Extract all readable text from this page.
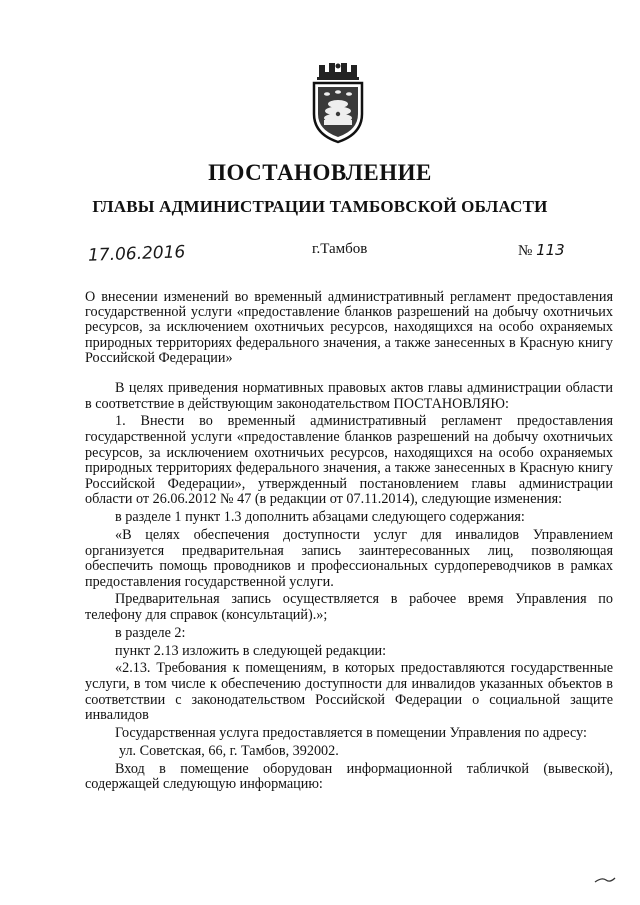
ПОСТАНОВЛЕНИЕ
ГЛАВЫ АДМИНИСТРАЦИИ ТАМБОВСКОЙ ОБЛАСТИ
17.06.2016	г.Тамбов	№ 113
О внесении изменений во временный административный регламент предоставления государственной услуги «предоставление бланков разрешений на добычу охотничьих ресурсов, за исключением охотничьих ресурсов, находящихся на особо охраняемых природных территориях федерального значения, а также занесенных в Красную книгу Российской Федерации»

В целях приведения нормативных правовых актов главы администрации области в соответствие в действующим законодательством ПОСТАНОВЛЯЮ:

1. Внести во временный административный регламент предоставления государственной услуги «предоставление бланков разрешений на добычу охотничьих ресурсов, за исключением охотничьих ресурсов, находящихся на особо охраняемых природных территориях федерального значения, а также занесенных в Красную книгу Российской Федерации», утвержденный постановлением главы администрации области от 26.06.2012 № 47 (в редакции от 07.11.2014), следующие изменения:

в разделе 1 пункт 1.3 дополнить абзацами следующего содержания:

«В целях обеспечения доступности услуг для инвалидов Управлением организуется предварительная запись заинтересованных лиц, позволяющая обеспечить помощь проводников и профессиональных сурдопереводчиков в рамках предоставления государственной услуги.

Предварительная запись осуществляется в рабочее время Управления по телефону для справок (консультаций).»;

в разделе 2:

пункт 2.13 изложить в следующей редакции:

«2.13. Требования к помещениям, в которых предоставляются государственные услуги, в том числе к обеспечению доступности для инвалидов указанных объектов в соответствии с законодательством Российской Федерации о социальной защите инвалидов

Государственная услуга предоставляется в помещении Управления по адресу:

ул. Советская, 66, г. Тамбов, 392002.

Вход в помещение оборудован информационной табличкой (вывеской), содержащей следующую информацию:
